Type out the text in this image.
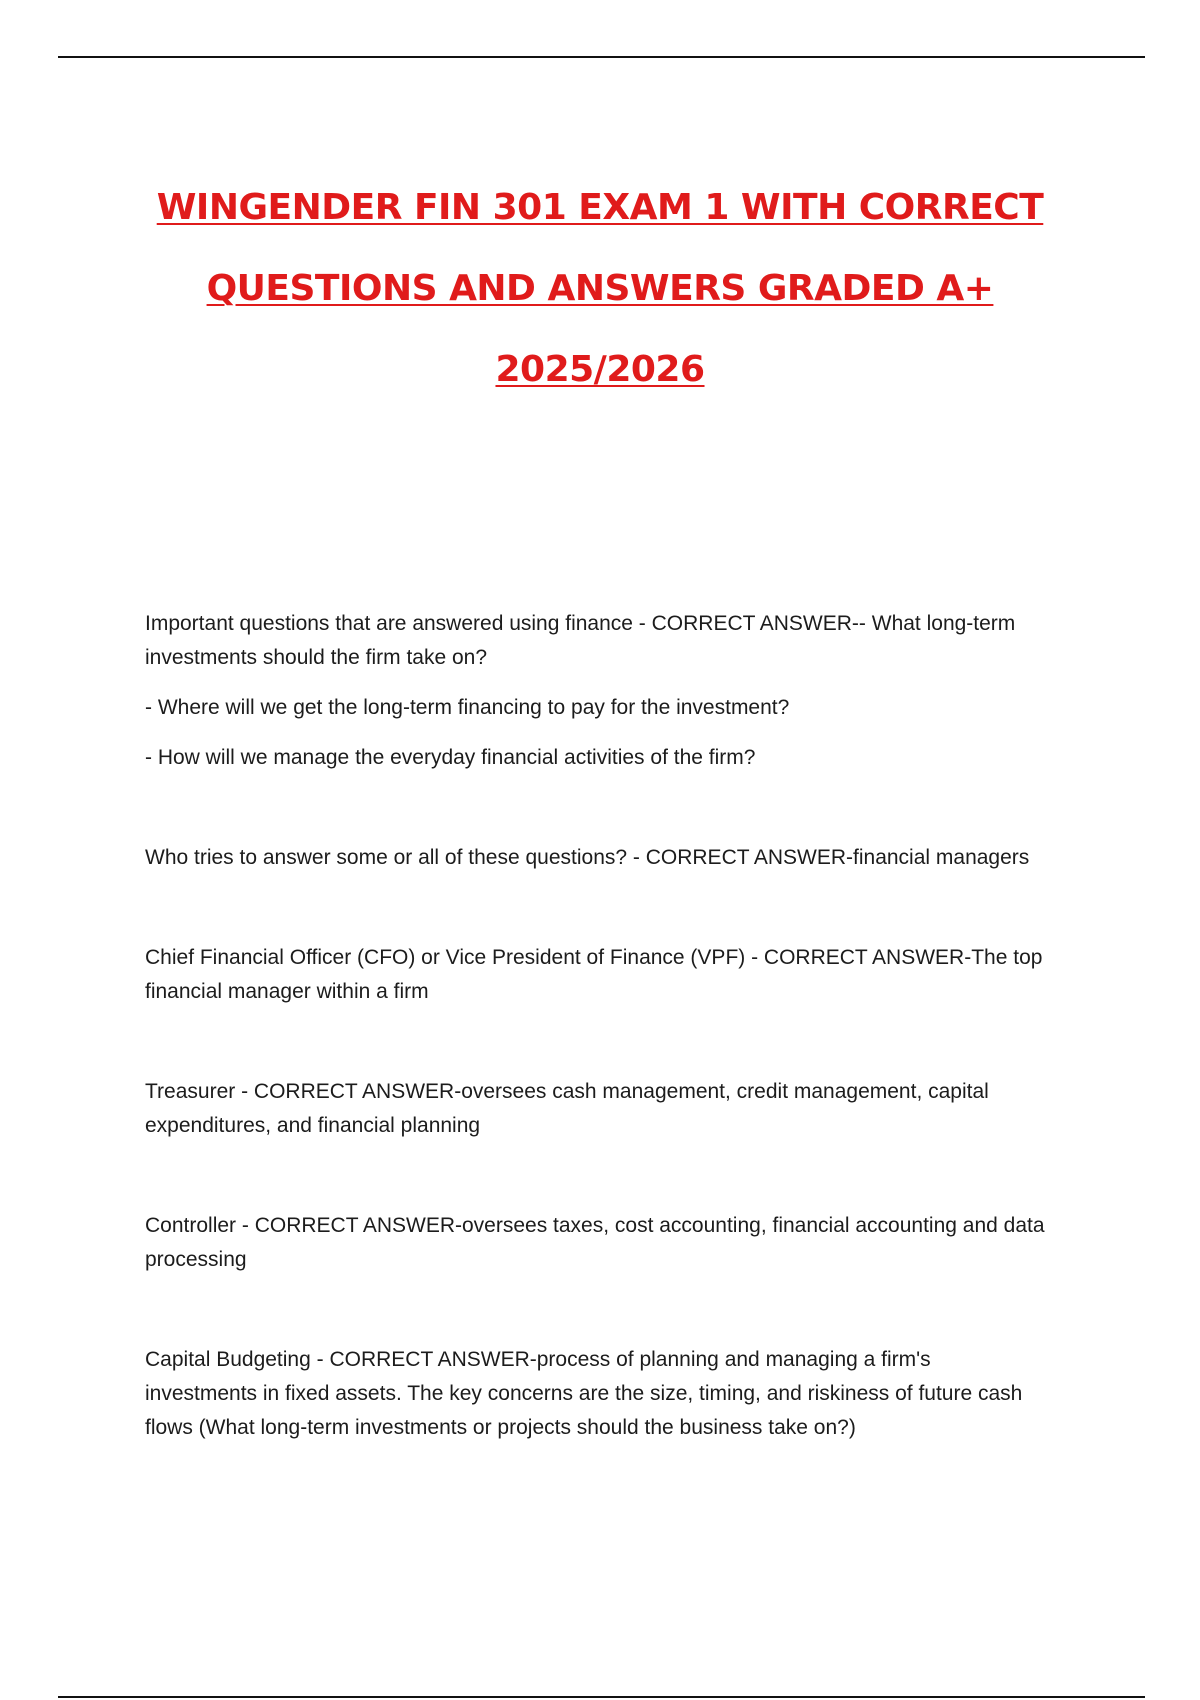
WINGENDER FIN 301 EXAM 1 WITH CORRECT
QUESTIONS AND ANSWERS GRADED A+
2025/2026

Important questions that are answered using finance - CORRECT ANSWER-- What long-term investments should the firm take on?

- Where will we get the long-term financing to pay for the investment?

- How will we manage the everyday financial activities of the firm?

Who tries to answer some or all of these questions? - CORRECT ANSWER-financial managers

Chief Financial Officer (CFO) or Vice President of Finance (VPF) - CORRECT ANSWER-The top financial manager within a firm

Treasurer - CORRECT ANSWER-oversees cash management, credit management, capital expenditures, and financial planning

Controller - CORRECT ANSWER-oversees taxes, cost accounting, financial accounting and data processing

Capital Budgeting - CORRECT ANSWER-process of planning and managing a firm's investments in fixed assets. The key concerns are the size, timing, and riskiness of future cash flows (What long-term investments or projects should the business take on?)
